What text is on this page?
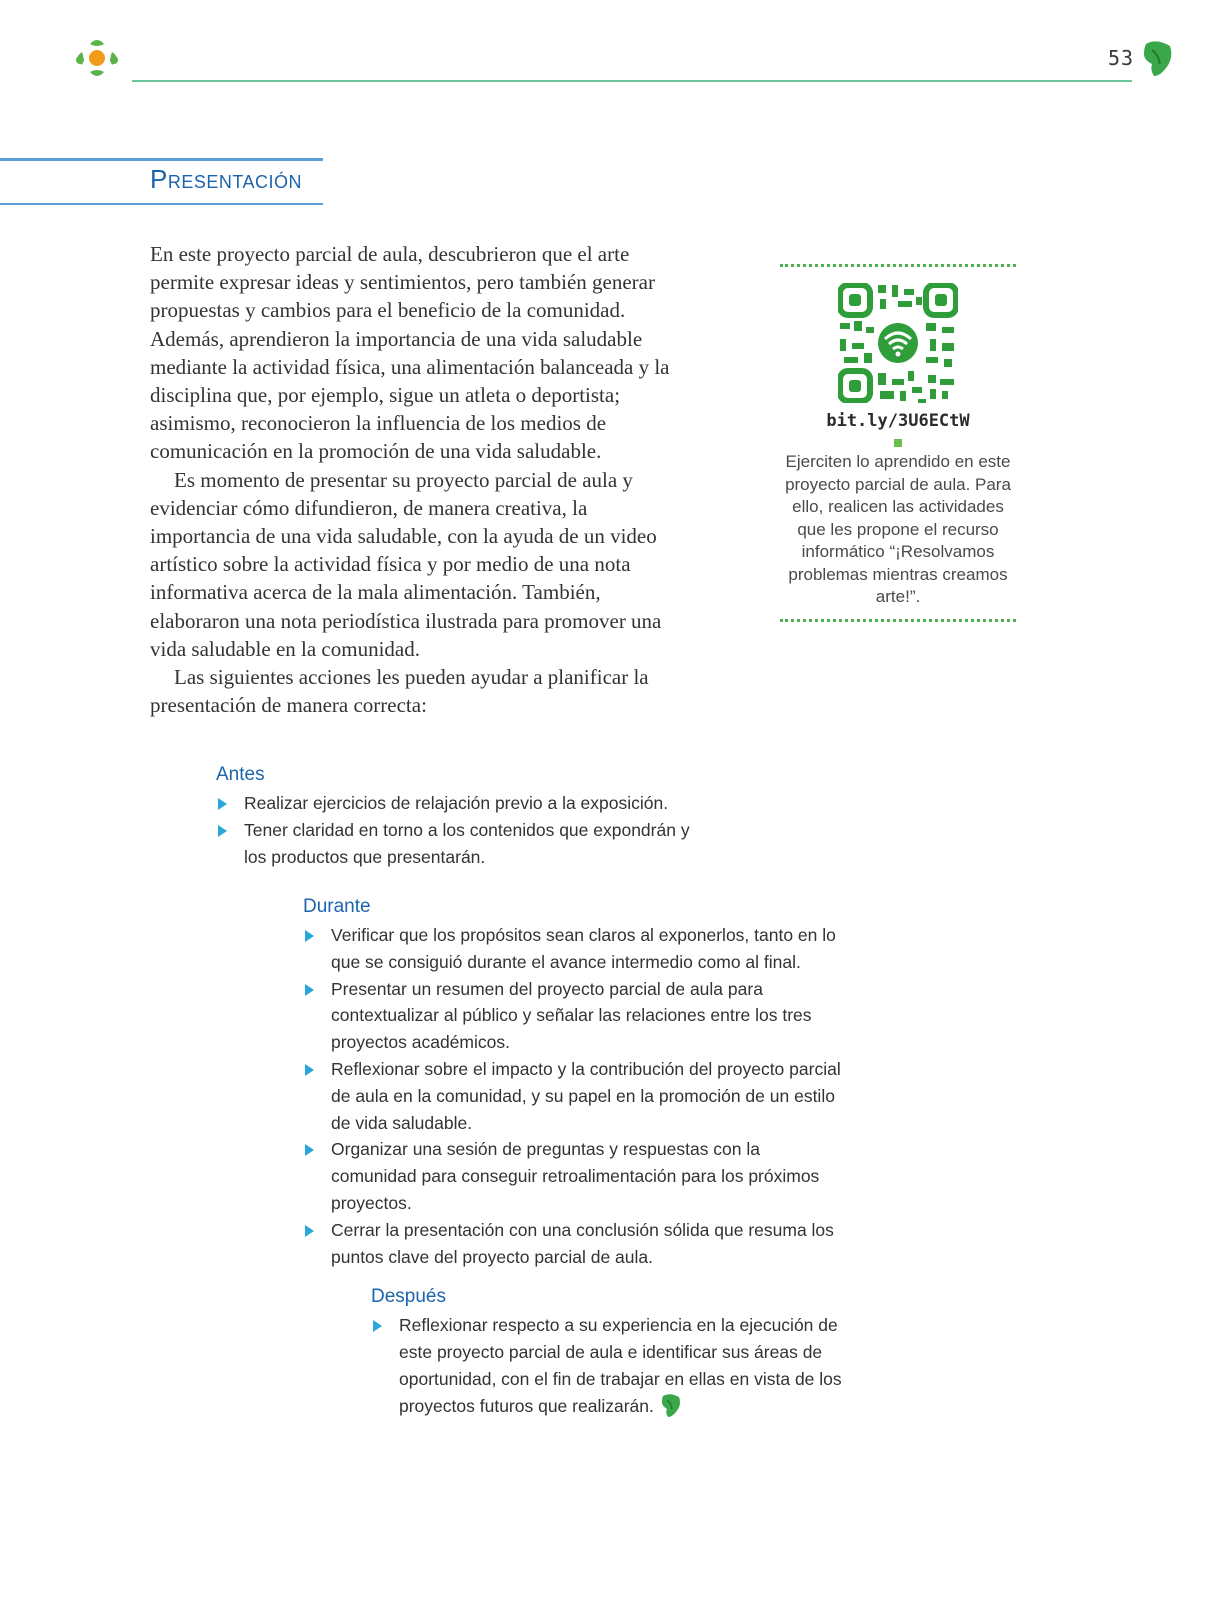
53
Presentación

En este proyecto parcial de aula, descubrieron que el arte permite expresar ideas y sentimientos, pero también generar propuestas y cambios para el beneficio de la comunidad. Además, aprendieron la importancia de una vida saludable mediante la actividad física, una alimentación balanceada y la disciplina que, por ejemplo, sigue un atleta o deportista; asimismo, reconocieron la influencia de los medios de comunicación en la promoción de una vida saludable.

Es momento de presentar su proyecto parcial de aula y evidenciar cómo difundieron, de manera creativa, la importancia de una vida saludable, con la ayuda de un video artístico sobre la actividad física y por medio de una nota informativa acerca de la mala alimentación. También, elaboraron una nota periodística ilustrada para promover una vida saludable en la comunidad.

Las siguientes acciones les pueden ayudar a planificar la presentación de manera correcta:

bit.ly/3U6ECtW

Ejerciten lo aprendido en este proyecto parcial de aula. Para ello, realicen las actividades que les propone el recurso informático “¡Resolvamos problemas mientras creamos arte!”.

Antes
Realizar ejercicios de relajación previo a la exposición.
Tener claridad en torno a los contenidos que expondrán y los productos que presentarán.
Durante
Verificar que los propósitos sean claros al exponerlos, tanto en lo que se consiguió durante el avance intermedio como al final.
Presentar un resumen del proyecto parcial de aula para contextualizar al público y señalar las relaciones entre los tres proyectos académicos.
Reflexionar sobre el impacto y la contribución del proyecto parcial de aula en la comunidad, y su papel en la promoción de un estilo de vida saludable.
Organizar una sesión de preguntas y respuestas con la comunidad para conseguir retroalimentación para los próximos proyectos.
Cerrar la presentación con una conclusión sólida que resuma los puntos clave del proyecto parcial de aula.
Después
Reflexionar respecto a su experiencia en la ejecución de este proyecto parcial de aula e identificar sus áreas de oportunidad, con el fin de trabajar en ellas en vista de los proyectos futuros que realizarán.
